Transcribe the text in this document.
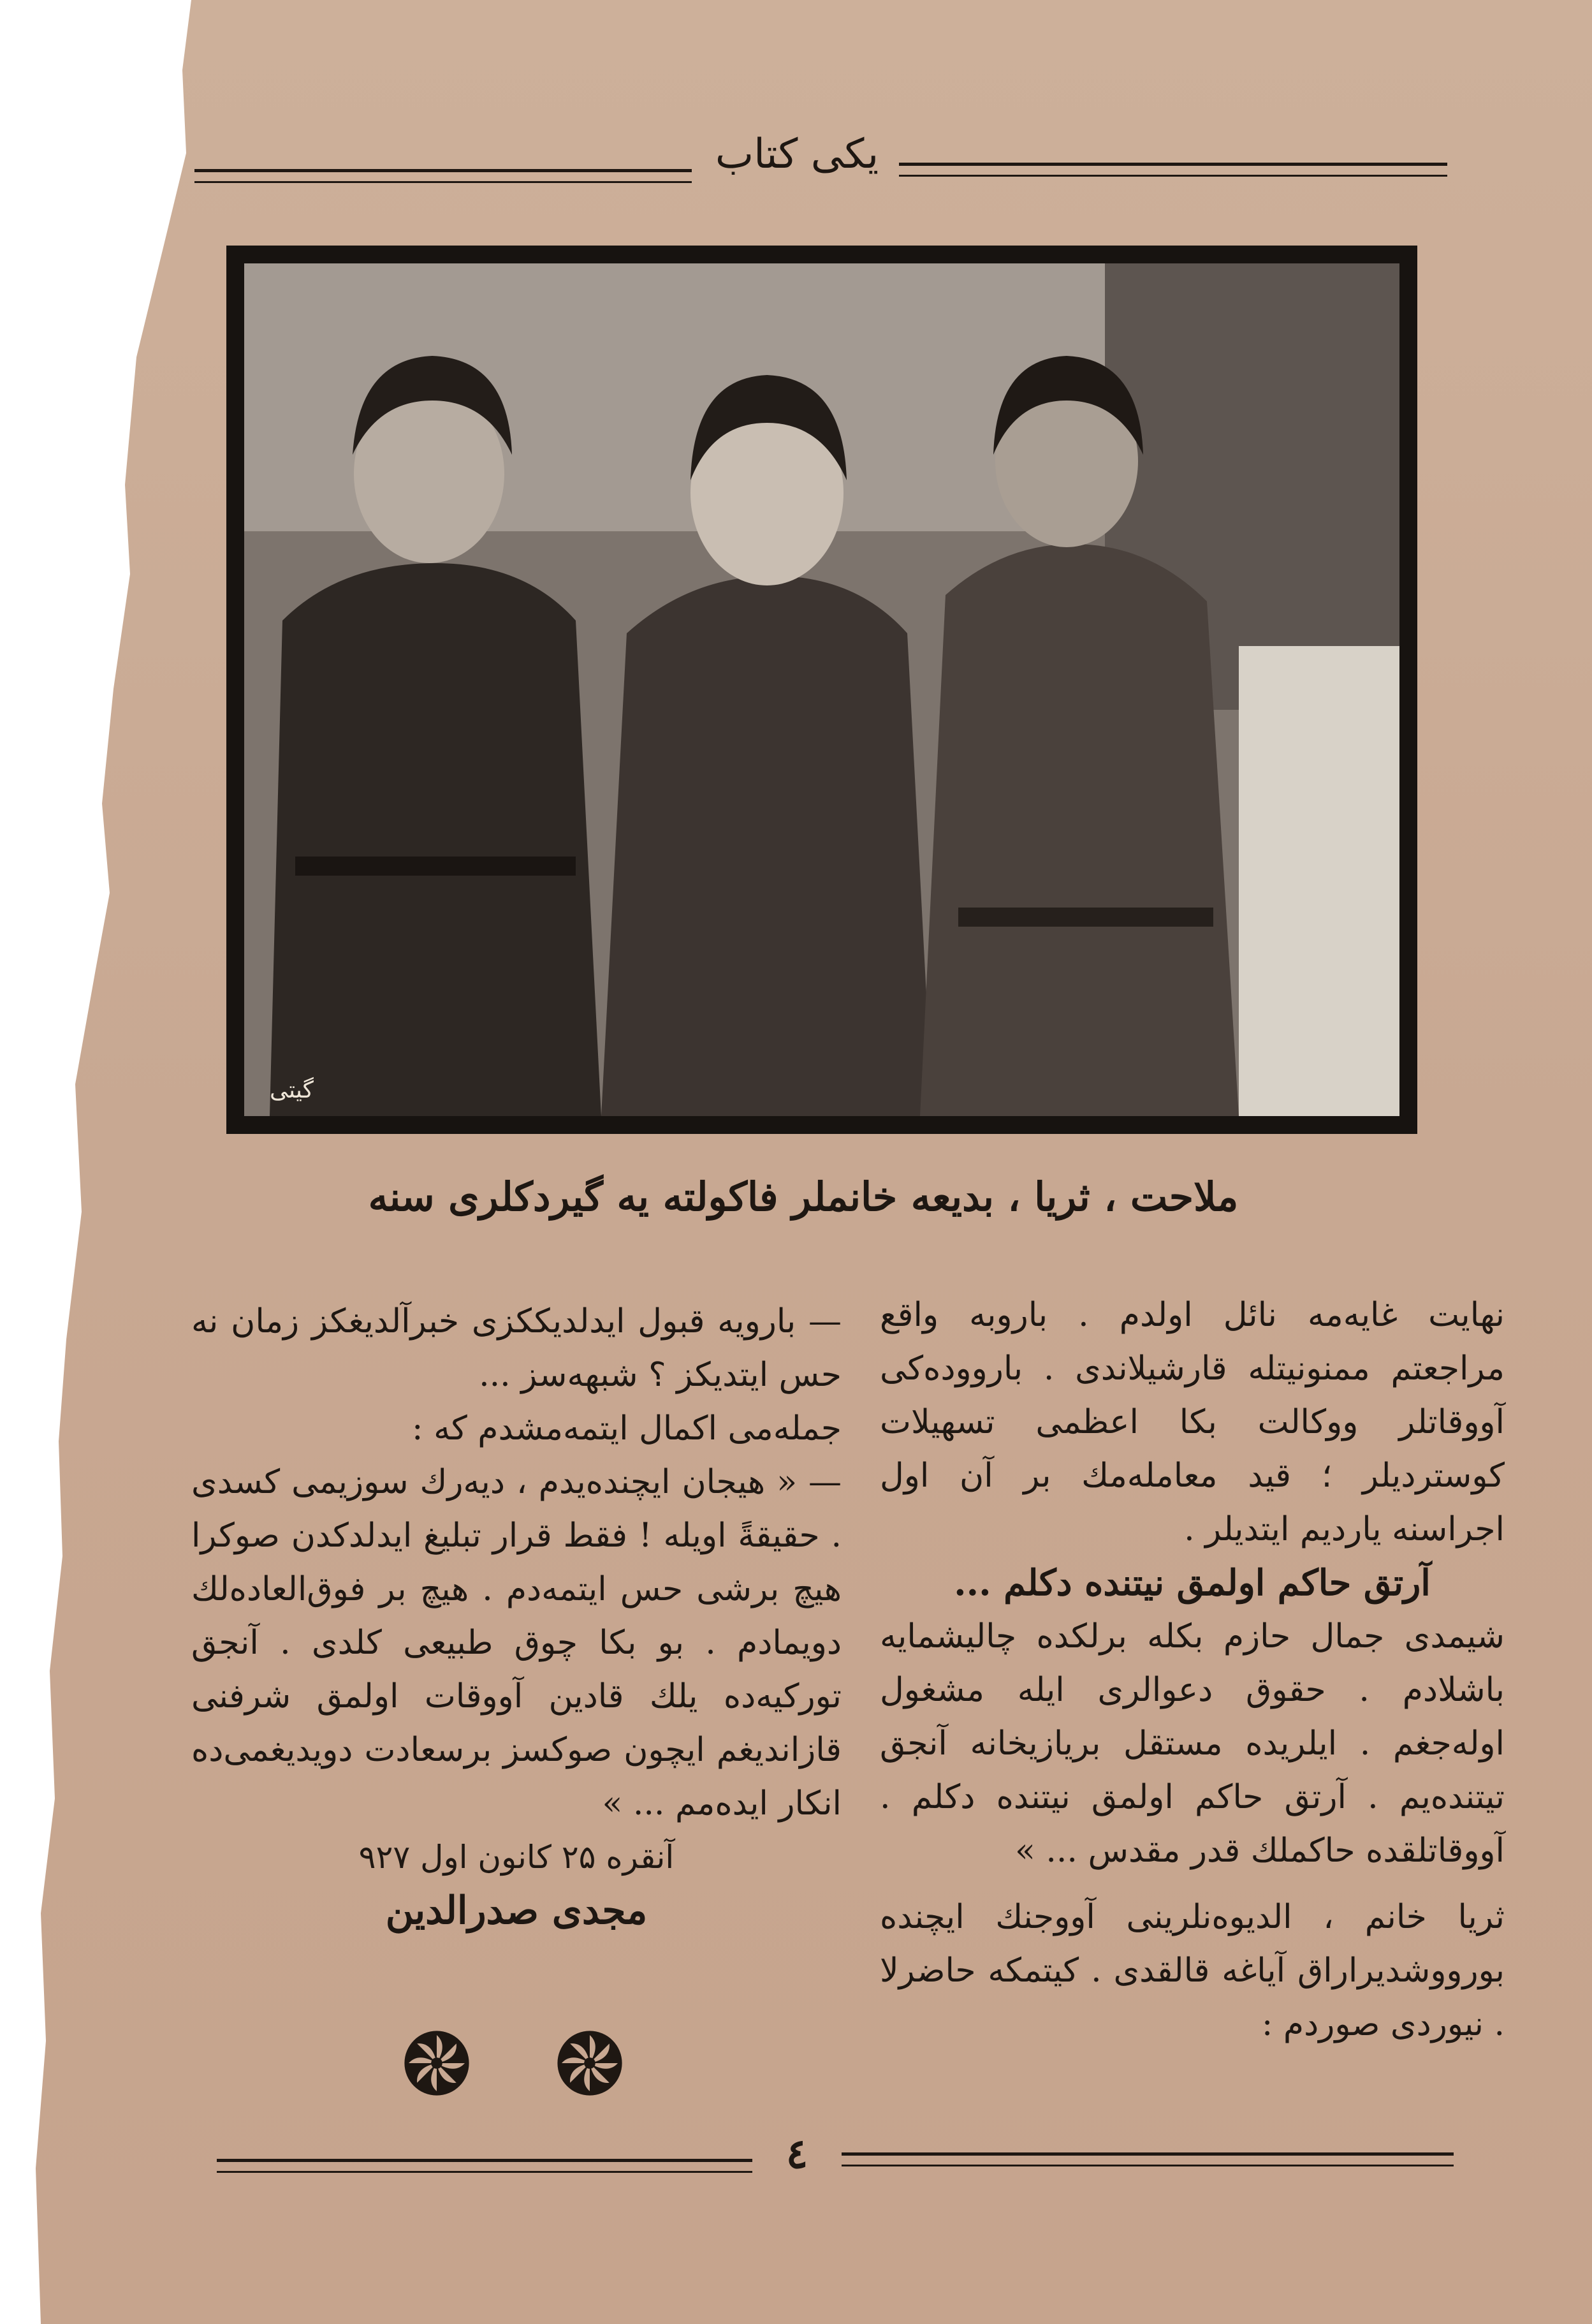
یکی کتاب
گیتی
ملاحت ، ثریا ، بدیعه خانملر فاکولته یه گیردکلری سنه

نهایت غایه‌مه نائل اولدم . باروبه واقع مراجعتم ممنونیتله قارشیلاندی . بارووده‌کی آووقاتلر ووکالت بکا اعظمی تسهیلات کوسترديلر ؛ قید معامله‌مك بر آن اول اجراسنه یاردیم ایتدیلر .

آرتق حاکم اولمق نیتنده دکلم ...

شیمدی جمال حازم بکله برلکده چالیشمایه باشلادم . حقوق دعوالری ایله مشغول اوله‌جغم . ایلریده مستقل بریازیخانه آنجق تیتندەیم . آرتق حاکم اولمق نیتنده دکلم . آووقاتلقده حاکملك قدر مقدس ... »

ثریا خانم ، الدیوه‌نلرینی آووجنك ایچنده بورووشدیراراق آیاغه قالقدی . کیتمکه حاضرلا . نیوردی صوردم :

— بارویه قبول ایدلدیککزی خبرآلدیغکز زمان نه حس ایتدیکز ؟ شبهه‌سز ...

جمله‌می اکمال ایتمه‌مشدم که :

— « هیجان ایچنده‌یدم ، دیه‌رك سوزیمی کسدی . حقیقةً اویله ! فقط قرار تبلیغ ایدلدکدن صوکرا هیچ برشی حس ایتمه‌دم . هیچ بر فوق‌العاده‌لك دویمادم . بو بکا چوق طبیعی کلدی . آنجق تورکیه‌ده یلك قادین آووقات اولمق شرفنی قازاندیغم ایچون صوکسز برسعادت دویدیغمی‌ده انکار ایده‌مم ... »

آنقره ۲۵ کانون اول ۹۲۷

مجدی صدرالدین

٤
